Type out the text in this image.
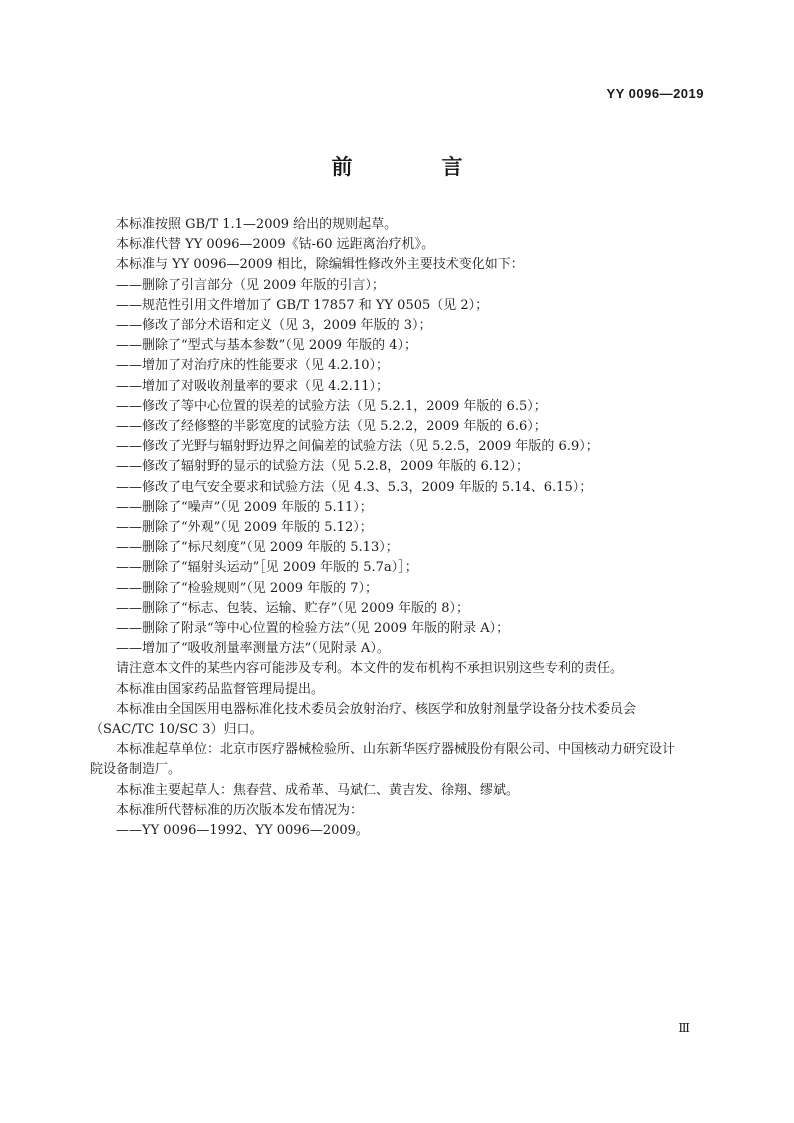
YY 0096—2019
前　言

本标准按照 GB/T 1.1—2009 给出的规则起草。

本标准代替 YY 0096—2009《钴-60 远距离治疗机》。

本标准与 YY 0096—2009 相比，除编辑性修改外主要技术变化如下：

——删除了引言部分（见 2009 年版的引言）；

——规范性引用文件增加了 GB/T 17857 和 YY 0505（见 2）；

——修改了部分术语和定义（见 3，2009 年版的 3）；

——删除了“型式与基本参数”（见 2009 年版的 4）；

——增加了对治疗床的性能要求（见 4.2.10）；

——增加了对吸收剂量率的要求（见 4.2.11）；

——修改了等中心位置的误差的试验方法（见 5.2.1，2009 年版的 6.5）；

——修改了经修整的半影宽度的试验方法（见 5.2.2，2009 年版的 6.6）；

——修改了光野与辐射野边界之间偏差的试验方法（见 5.2.5，2009 年版的 6.9）；

——修改了辐射野的显示的试验方法（见 5.2.8，2009 年版的 6.12）；

——修改了电气安全要求和试验方法（见 4.3、5.3，2009 年版的 5.14、6.15）；

——删除了“噪声”（见 2009 年版的 5.11）；

——删除了“外观”（见 2009 年版的 5.12）；

——删除了“标尺刻度”（见 2009 年版的 5.13）；

——删除了“辐射头运动”［见 2009 年版的 5.7a）］；

——删除了“检验规则”（见 2009 年版的 7）；

——删除了“标志、包装、运输、贮存”（见 2009 年版的 8）；

——删除了附录“等中心位置的检验方法”（见 2009 年版的附录 A）；

——增加了“吸收剂量率测量方法”（见附录 A）。

请注意本文件的某些内容可能涉及专利。本文件的发布机构不承担识别这些专利的责任。

本标准由国家药品监督管理局提出。

本标准由全国医用电器标准化技术委员会放射治疗、核医学和放射剂量学设备分技术委员会

（SAC/TC 10/SC 3）归口。

本标准起草单位：北京市医疗器械检验所、山东新华医疗器械股份有限公司、中国核动力研究设计

院设备制造厂。

本标准主要起草人：焦春营、成希革、马斌仁、黄吉发、徐翔、缪斌。

本标准所代替标准的历次版本发布情况为：

——YY 0096—1992、YY 0096—2009。

Ⅲ
